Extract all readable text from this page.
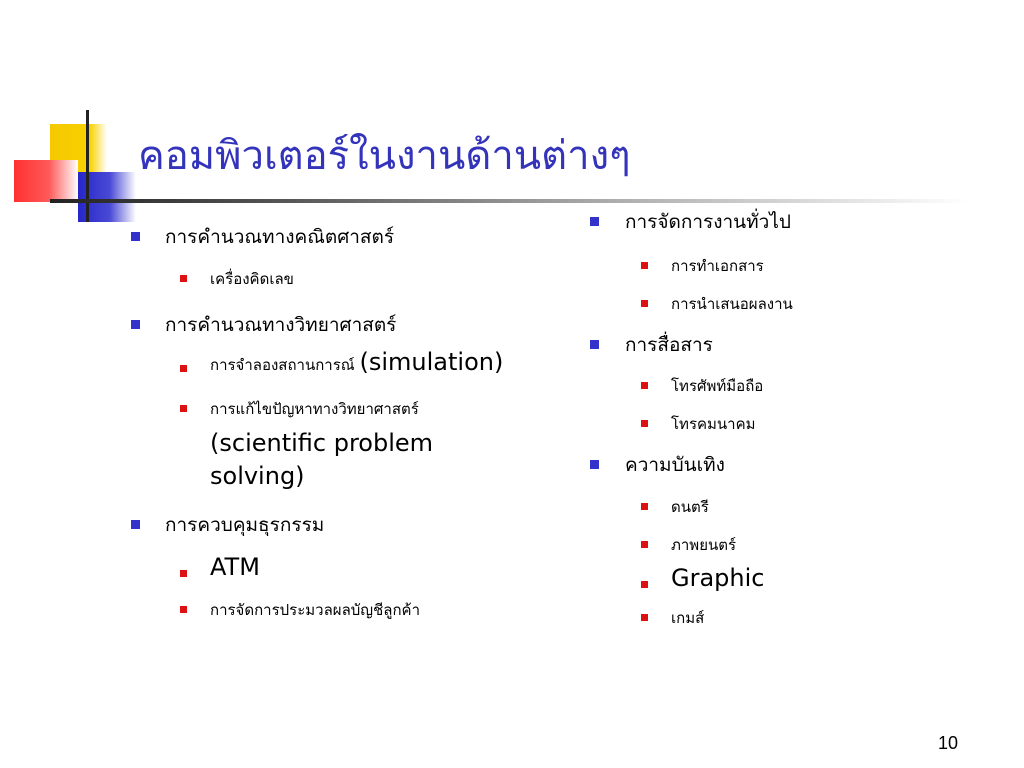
คอมพิวเตอร์ในงานด้านต่างๆ
การคำนวณทางคณิตศาสตร์
เครื่องคิดเลข
การคำนวณทางวิทยาศาสตร์
การจำลองสถานการณ์ (simulation)
การแก้ไขปัญหาทางวิทยาศาสตร์
(scientific problem
solving)
การควบคุมธุรกรรม
ATM
การจัดการประมวลผลบัญชีลูกค้า
การจัดการงานทั่วไป
การทำเอกสาร
การนำเสนอผลงาน
การสื่อสาร
โทรศัพท์มือถือ
โทรคมนาคม
ความบันเทิง
ดนตรี
ภาพยนตร์
Graphic
เกมส์
10
